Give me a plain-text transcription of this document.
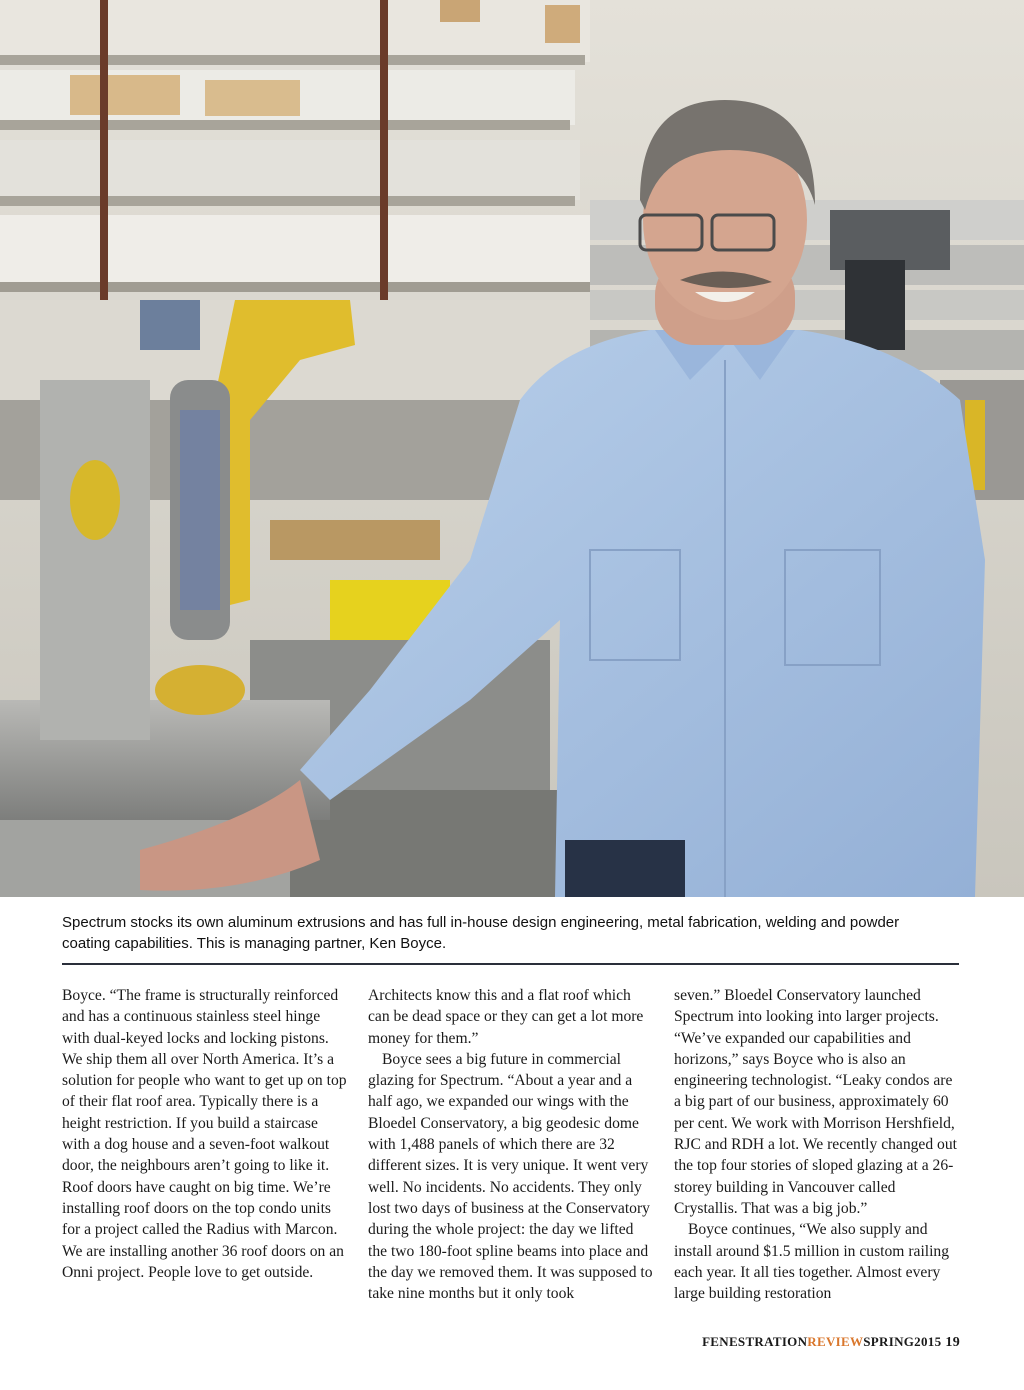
Spectrum stocks its own aluminum extrusions and has full in-house design engineering, metal fabrication, welding and powder
coating capabilities. This is managing partner, Ken Boyce.

Boyce. “The frame is structurally reinforced and has a continuous stainless steel hinge with dual-keyed locks and locking pistons. We ship them all over North America. It’s a solution for people who want to get up on top of their flat roof area. Typically there is a height restriction. If you build a staircase with a dog house and a seven-foot walkout door, the neighbours aren’t going to like it. Roof doors have caught on big time. We’re installing roof doors on the top condo units for a project called the Radius with Marcon. We are installing another 36 roof doors on an Onni project. People love to get outside.

Architects know this and a flat roof which can be dead space or they can get a lot more money for them.”

Boyce sees a big future in commercial glazing for Spectrum. “About a year and a half ago, we expanded our wings with the Bloedel Conservatory, a big geodesic dome with 1,488 panels of which there are 32 different sizes. It is very unique. It went very well. No incidents. No accidents. They only lost two days of business at the Conservatory during the whole project: the day we lifted the two 180-foot spline beams into place and the day we removed them. It was supposed to take nine months but it only took

seven.” Bloedel Conservatory launched Spectrum into looking into larger projects. “We’ve expanded our capabilities and horizons,” says Boyce who is also an engineering technologist. “Leaky condos are a big part of our business, approximately 60 per cent. We work with Morrison Hershfield, RJC and RDH a lot. We recently changed out the top four stories of sloped glazing at a 26-storey building in Vancouver called Crystallis. That was a big job.”

Boyce continues, “We also supply and install around $1.5 million in custom railing each year. It all ties together. Almost every large building restoration

FENESTRATIONREVIEWSPRING2015 19
